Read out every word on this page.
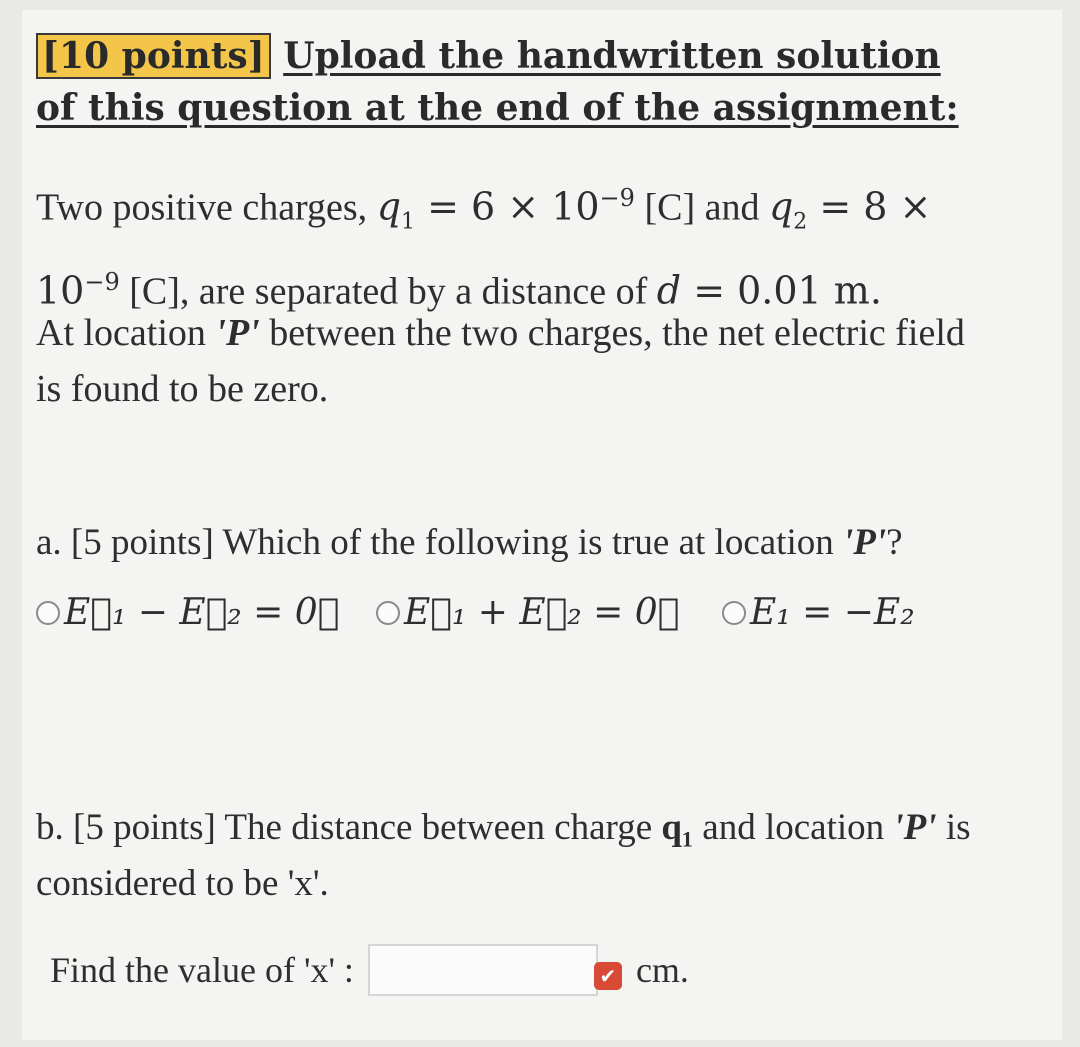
[10 points] Upload the handwritten solution of this question at the end of the assignment:
Two positive charges, $q_1 = 6 \times 10^{-9}$ [C] and $q_2 = 8 \times 10^{-9}$ [C], are separated by a distance of d = 0.01 m.
At location 'P' between the two charges, the net electric field is found to be zero.
a. [5 points] Which of the following is true at location 'P'?
E⃗₁ − E⃗₂ = 0⃗ E⃗₁ + E⃗₂ = 0⃗ E₁ = −E₂
b. [5 points] The distance between charge q₁ and location 'P' is considered to be 'x'.
Find the value of 'x' :	✔ cm.
